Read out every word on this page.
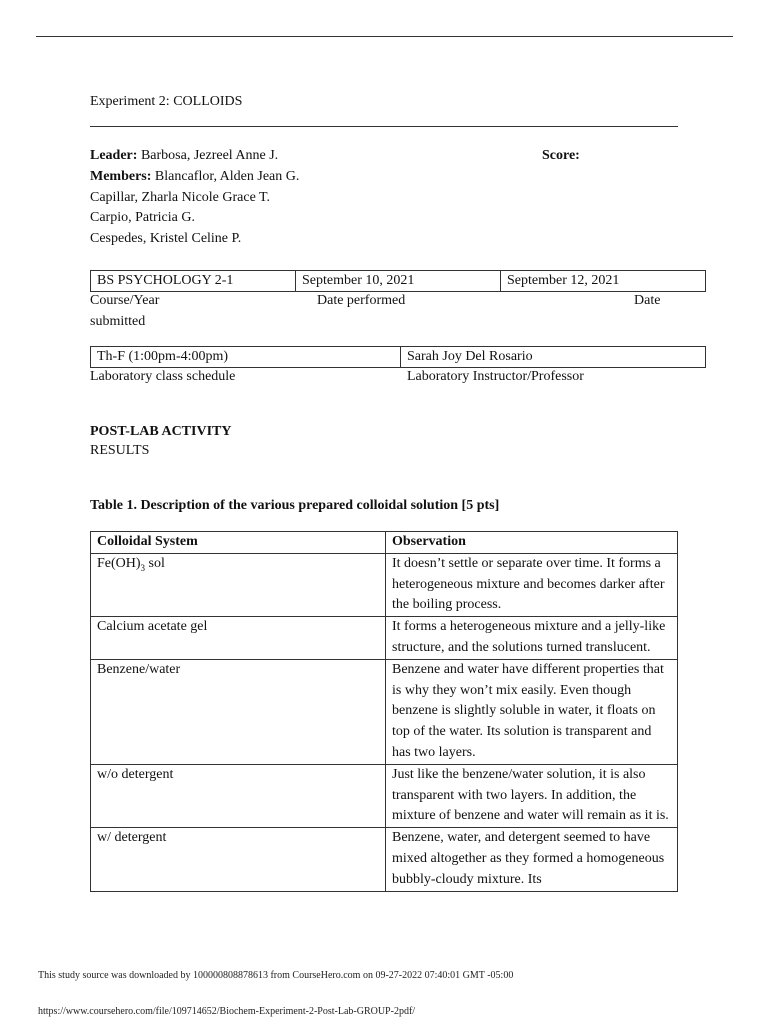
Experiment 2: COLLOIDS
Leader: Barbosa, Jezreel Anne J.	Score:
Members: Blancaflor, Alden Jean G.
Capillar, Zharla Nicole Grace T.
Carpio, Patricia G.
Cespedes, Kristel Celine P.
BS PSYCHOLOGY 2-1	September 10, 2021	September 12, 2021
Course/Year	Date performed	Date
submitted
Th-F (1:00pm-4:00pm)	Sarah Joy Del Rosario
Laboratory class schedule	Laboratory Instructor/Professor
POST-LAB ACTIVITY
RESULTS
Table 1. Description of the various prepared colloidal solution [5 pts]
Colloidal System	Observation
$Fe(OH)_3$ sol	It doesn’t settle or separate over time. It forms a heterogeneous mixture and becomes darker after the boiling process.
Calcium acetate gel	It forms a heterogeneous mixture and a jelly-like structure, and the solutions turned translucent.
Benzene/water	Benzene and water have different properties that is why they won’t mix easily. Even though benzene is slightly soluble in water, it floats on top of the water. Its solution is transparent and has two layers.
w/o detergent	Just like the benzene/water solution, it is also transparent with two layers. In addition, the mixture of benzene and water will remain as it is.
w/ detergent	Benzene, water, and detergent seemed to have mixed altogether as they formed a homogeneous bubbly-cloudy mixture. Its
This study source was downloaded by 100000808878613 from CourseHero.com on 09-27-2022 07:40:01 GMT -05:00
https://www.coursehero.com/file/109714652/Biochem-Experiment-2-Post-Lab-GROUP-2pdf/
